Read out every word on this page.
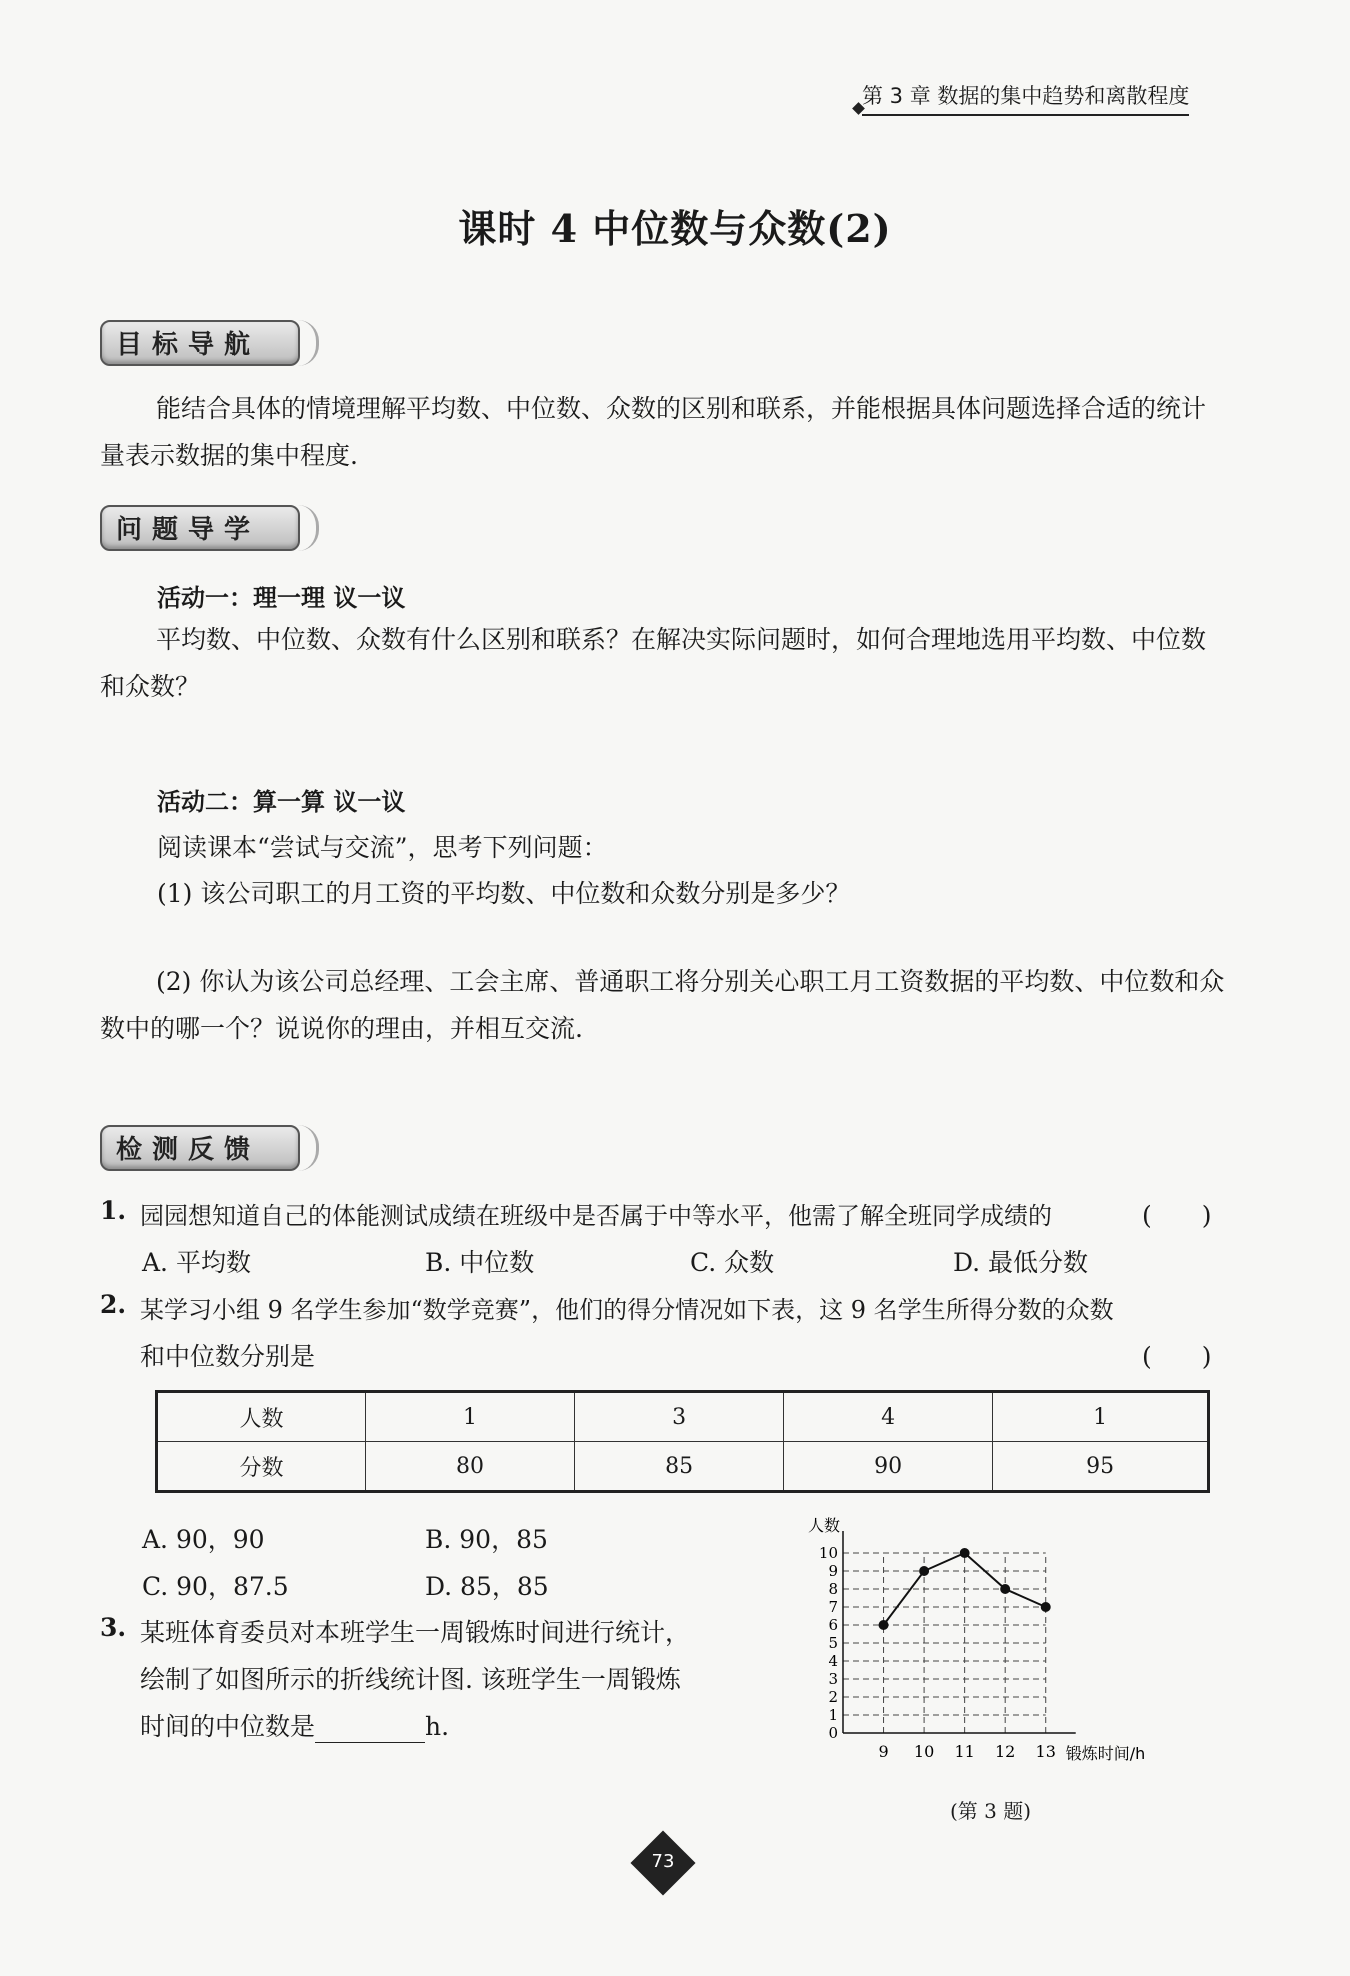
第 3 章 数据的集中趋势和离散程度
课时 4 中位数与众数(2)
目标导航
能结合具体的情境理解平均数、中位数、众数的区别和联系，并能根据具体问题选择合适的统计量表示数据的集中程度.
问题导学
活动一：理一理 议一议
平均数、中位数、众数有什么区别和联系？在解决实际问题时，如何合理地选用平均数、中位数和众数？
活动二：算一算 议一议
阅读课本“尝试与交流”，思考下列问题：
(1) 该公司职工的月工资的平均数、中位数和众数分别是多少？
(2) 你认为该公司总经理、工会主席、普通职工将分别关心职工月工资数据的平均数、中位数和众数中的哪一个？说说你的理由，并相互交流.
检测反馈
1. 园园想知道自己的体能测试成绩在班级中是否属于中等水平，他需了解全班同学成绩的	(　　)
A. 平均数	B. 中位数	C. 众数	D. 最低分数
2. 某学习小组 9 名学生参加“数学竞赛”，他们的得分情况如下表，这 9 名学生所得分数的众数
和中位数分别是	(　　)
人数	1	3	4	1
分数	80	85	90	95
A. 90，90	B. 90，85
C. 90，87.5	D. 85，85
3. 某班体育委员对本班学生一周锻炼时间进行统计，
绘制了如图所示的折线统计图. 该班学生一周锻炼
时间的中位数是	h.	0
1
2
3
4
5
6
7
8
9
10
9 10 11 12 13
人数
锻炼时间/h
(第 3 题)
73
